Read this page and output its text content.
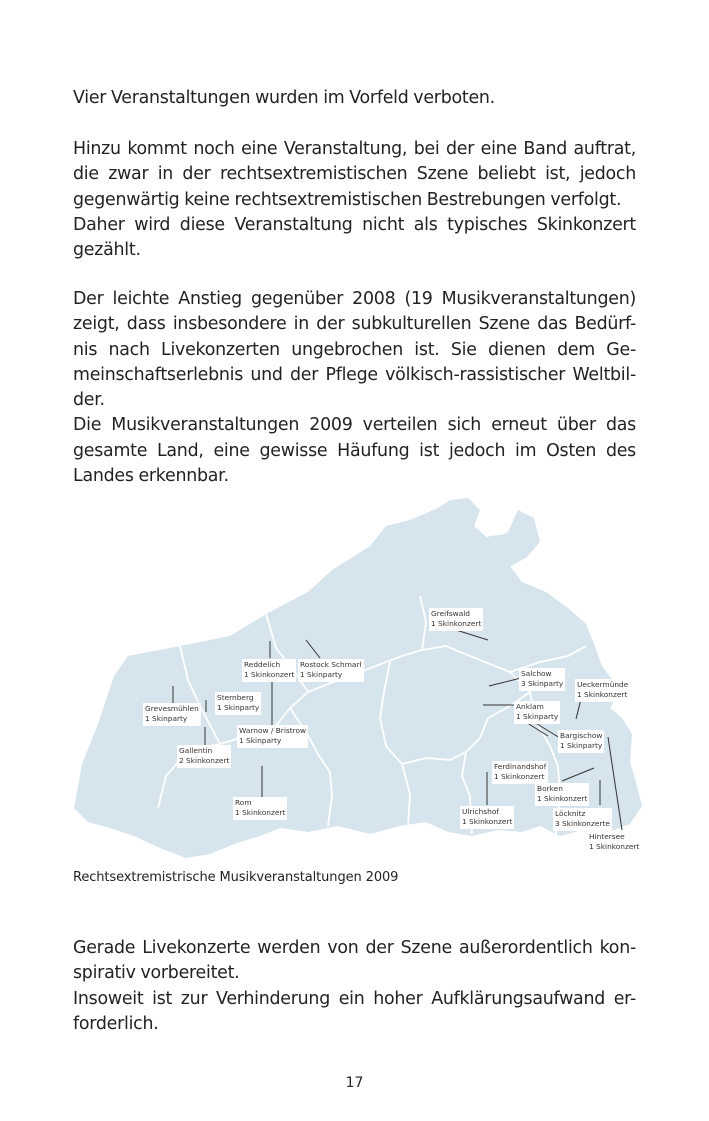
Vier Veranstaltungen wurden im Vorfeld verboten.
Hinzu kommt noch eine Veranstaltung, bei der eine Band auftrat,
die zwar in der rechtsextremistischen Szene beliebt ist, jedoch
gegenwärtig keine rechtsextremistischen Bestrebungen verfolgt.
Daher wird diese Veranstaltung nicht als typisches Skinkonzert
gezählt.
Der leichte Anstieg gegenüber 2008 (19 Musikveranstaltungen)
zeigt, dass insbesondere in der subkulturellen Szene das Bedürf-
nis nach Livekonzerten ungebrochen ist. Sie dienen dem Ge-
meinschaftserlebnis und der Pflege völkisch-rassistischer Weltbil-
der.
Die Musikveranstaltungen 2009 verteilen sich erneut über das
gesamte Land, eine gewisse Häufung ist jedoch im Osten des
Landes erkennbar.
Rechtsextremistrische Musikveranstaltungen 2009
Gerade Livekonzerte werden von der Szene außerordentlich kon-
spirativ vorbereitet.
Insoweit ist zur Verhinderung ein hoher Aufklärungsaufwand er-
forderlich.
17
Greifswald
1 Skinkonzert
Reddelich
1 Skinkonzert
Rostock Schmarl
1 Skinparty	Salchow
3 Skinparty Ueckermünde
1 Skinkonzert
Grevesmühlen
1 Skinparty
Sternberg
1 Skinparty	Anklam
1 Skinparty
Warnow / Bristrow
1 Skinparty
Bargischow
1 Skinparty
Gallentin
2 Skinkonzert
Ferdinandshof
1 Skinkonzert
Borken
1 Skinkonzert
Rom
1 Skinkonzert	Ulrichshof
1 Skinkonzert
Löcknitz
3 Skinkonzerte
Hintersee
1 Skinkonzert
